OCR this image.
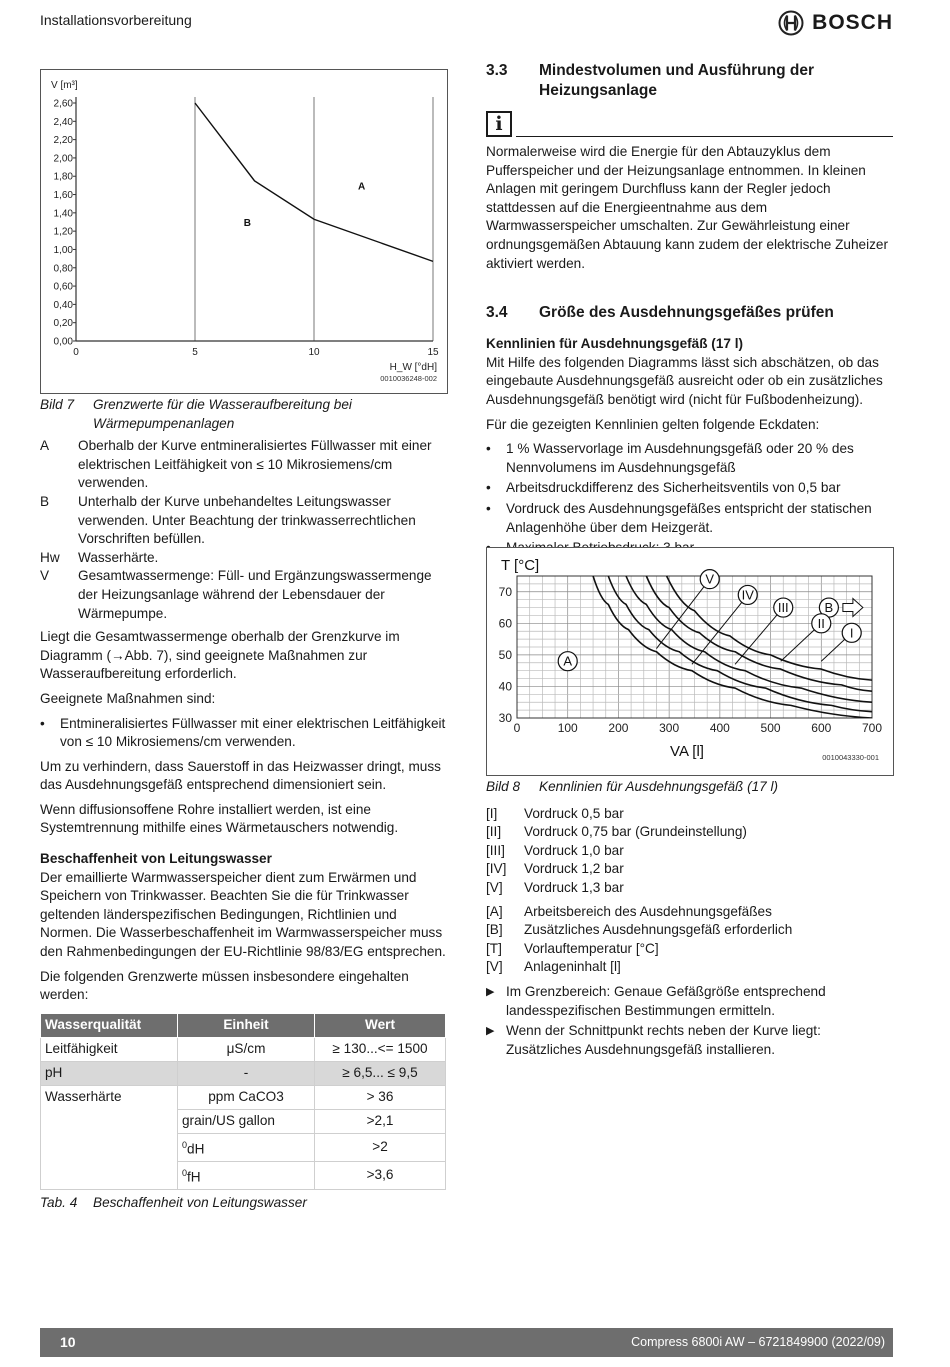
Installationsvorbereitung	BOSCH
0,00
0,20
0,40
0,60
0,80
1,00
1,20
1,40
1,60
1,80
2,00
2,20
2,40
2,60
0	5	10	15
V [m³]
H_W [°dH]
0010036248-002
A
B
Bild 7	Grenzwerte für die Wasseraufbereitung bei Wärmepumpenanlagen
A	Oberhalb der Kurve entmineralisiertes Füllwasser mit einer elektrischen Leitfähigkeit von ≤ 10 Mikrosiemens/cm verwenden.
B	Unterhalb der Kurve unbehandeltes Leitungswasser verwenden. Unter Beachtung der trinkwasserrechtlichen Vorschriften befüllen.
Hw	Wasserhärte.
V	Gesamtwassermenge: Füll- und Ergänzungswassermenge der Heizungsanlage während der Lebensdauer der Wärmepumpe.

Liegt die Gesamtwassermenge oberhalb der Grenzkurve im Diagramm (→Abb. 7), sind geeignete Maßnahmen zur Wasseraufbereitung erforderlich.

Geeignete Maßnahmen sind:

•	Entmineralisiertes Füllwasser mit einer elektrischen Leitfähigkeit von ≤ 10 Mikrosiemens/cm verwenden.

Um zu verhindern, dass Sauerstoff in das Heizwasser dringt, muss das Ausdehnungsgefäß entsprechend dimensioniert sein.

Wenn diffusionsoffene Rohre installiert werden, ist eine Systemtrennung mithilfe eines Wärmetauschers notwendig.

Beschaffenheit von Leitungswasser

Der emaillierte Warmwasserspeicher dient zum Erwärmen und Speichern von Trinkwasser. Beachten Sie die für Trinkwasser geltenden länderspezifischen Bedingungen, Richtlinien und Normen. Die Wasserbeschaffenheit im Warmwasserspeicher muss den Rahmenbedingungen der EU-Richtlinie 98/83/EG entsprechen.

Die folgenden Grenzwerte müssen insbesondere eingehalten werden:

Wasserqualität	Einheit	Wert
Leitfähigkeit	μS/cm	≥ 130...<= 1500
pH	-	≥ 6,5... ≤ 9,5
Wasserhärte	ppm CaCO3	> 36
	grain/US gallon	>2,1
	$^0$dH	>2
	$^0$fH	>3,6
Tab. 4	Beschaffenheit von Leitungswasser
3.3	Mindestvolumen und Ausführung der Heizungsanlage
i

Normalerweise wird die Energie für den Abtauzyklus dem Pufferspeicher und der Heizungsanlage entnommen. In kleinen Anlagen mit geringem Durchfluss kann der Regler jedoch stattdessen auf die Energieentnahme aus dem Warmwasserspeicher umschalten. Zur Gewährleistung einer ordnungsgemäßen Abtauung kann zudem der elektrische Zuheizer aktiviert werden.

3.4	Größe des Ausdehnungsgefäßes prüfen
Kennlinien für Ausdehnungsgefäß (17 l)

Mit Hilfe des folgenden Diagramms lässt sich abschätzen, ob das eingebaute Ausdehnungsgefäß ausreicht oder ob ein zusätzliches Ausdehnungsgefäß benötigt wird (nicht für Fußbodenheizung).

Für die gezeigten Kennlinien gelten folgende Eckdaten:

•	1 % Wasservorlage im Ausdehnungsgefäß oder 20 % des Nennvolumens im Ausdehnungsgefäß
•	Arbeitsdruckdifferenz des Sicherheitsventils von 0,5 bar
•	Vordruck des Ausdehnungsgefäßes entspricht der statischen Anlagenhöhe über dem Heizgerät.
0	100	200	300	400	500	600	700
30
40
50
60
70
T [°C]
VA [l]	0010043330-001
A
B
I
II
III
IV
V
Bild 8	Kennlinien für Ausdehnungsgefäß (17 l)
[I]	Vordruck 0,5 bar
[II]	Vordruck 0,75 bar (Grundeinstellung)
[III]	Vordruck 1,0 bar
[IV]	Vordruck 1,2 bar
[V]	Vordruck 1,3 bar
[A]	Arbeitsbereich des Ausdehnungsgefäßes
[B]	Zusätzliches Ausdehnungsgefäß erforderlich
[T]	Vorlauftemperatur [°C]
[V]	Anlageninhalt [l]
▶ Im Grenzbereich: Genaue Gefäßgröße entsprechend landesspezifischen Bestimmungen ermitteln.
▶ Wenn der Schnittpunkt rechts neben der Kurve liegt: Zusätzliches Ausdehnungsgefäß installieren.
10	Compress 6800i AW – 6721849900 (2022/09)
